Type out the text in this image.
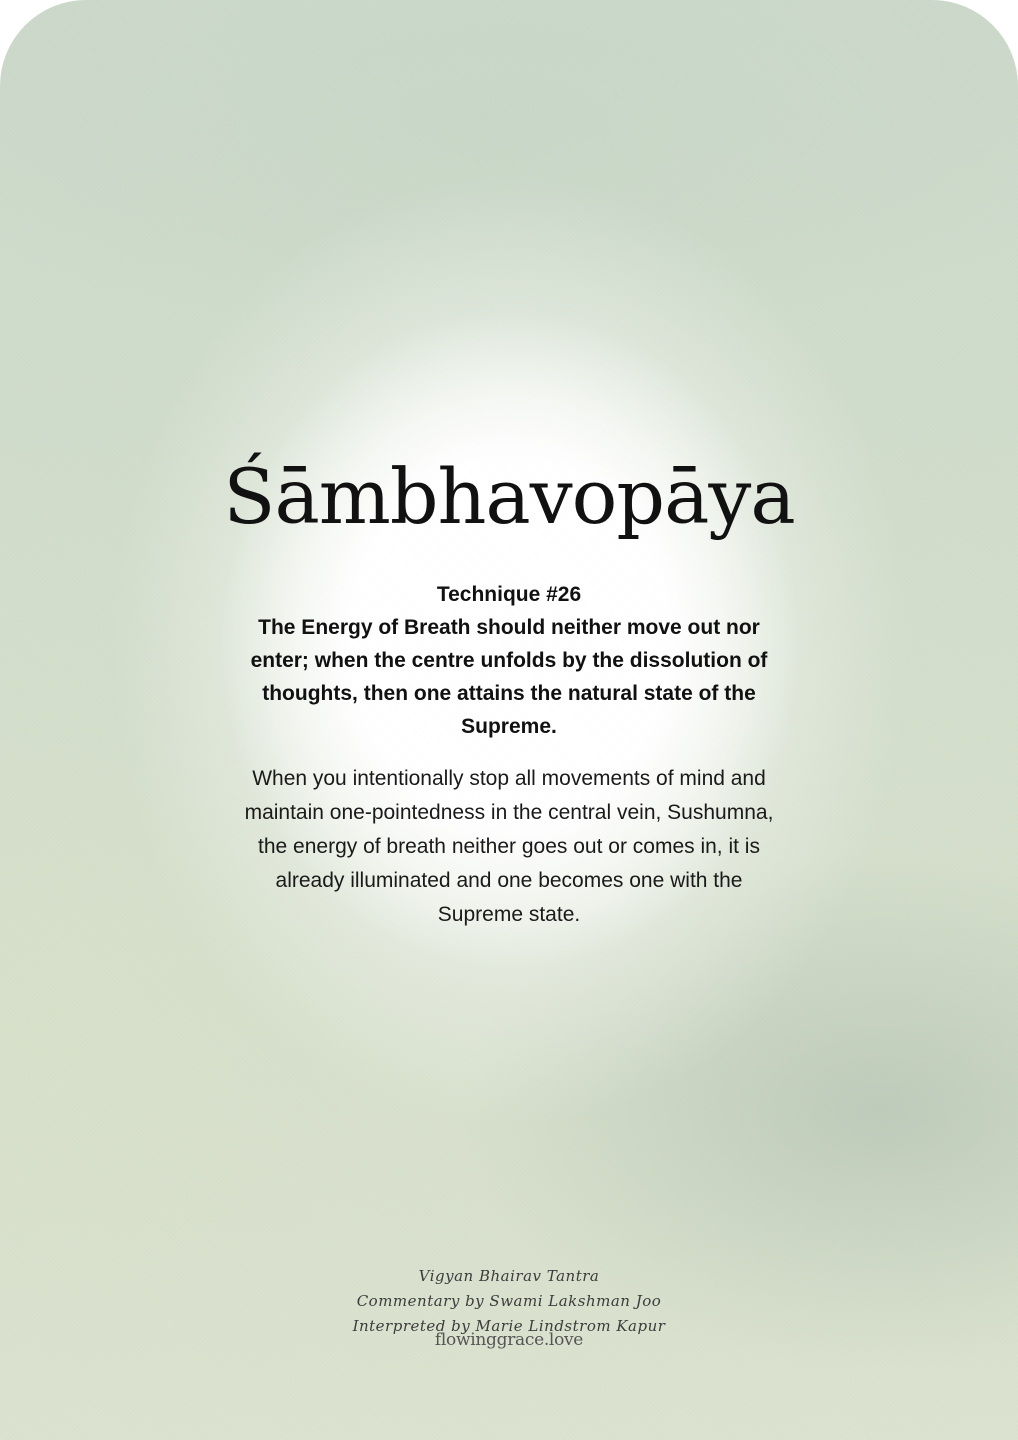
Śāmbhavopāya
Technique #26
The Energy of Breath should neither move out nor enter; when the centre unfolds by the dissolution of thoughts, then one attains the natural state of the Supreme.
When you intentionally stop all movements of mind and maintain one-pointedness in the central vein, Sushumna, the energy of breath neither goes out or comes in, it is already illuminated and one becomes one with the Supreme state.
Vigyan Bhairav Tantra
Commentary by Swami Lakshman Joo
Interpreted by Marie Lindstrom Kapur
flowinggrace.love
